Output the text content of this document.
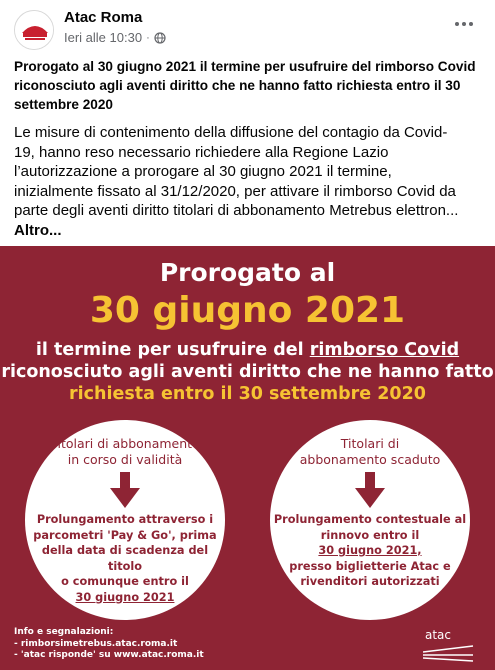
Atac Roma
Ieri alle 10:30 ·
Prorogato al 30 giugno 2021 il termine per usufruire del rimborso Covid
riconosciuto agli aventi diritto che ne hanno fatto richiesta entro il 30
settembre 2020
Le misure di contenimento della diffusione del contagio da Covid-
19, hanno reso necessario richiedere alla Regione Lazio
l’autorizzazione a prorogare al 30 giugno 2021 il termine,
inizialmente fissato al 31/12/2020, per attivare il rimborso Covid da
parte degli aventi diritto titolari di abbonamento Metrebus elettron...
Altro...
Prorogato al
30 giugno 2021
il termine per usufruire del rimborso Covid
riconosciuto agli aventi diritto che ne hanno fatto
richiesta entro il 30 settembre 2020
Titolari di abbonamento
in corso di validità
Prolungamento attraverso i
parcometri 'Pay & Go', prima
della data di scadenza del titolo
o comunque entro il
30 giugno 2021
Titolari di
abbonamento scaduto
Prolungamento contestuale al
rinnovo entro il
30 giugno 2021,
presso biglietterie Atac e
rivenditori autorizzati
Info e segnalazioni:
- rimborsimetrebus.atac.roma.it
- 'atac risponde' su www.atac.roma.it
atac
